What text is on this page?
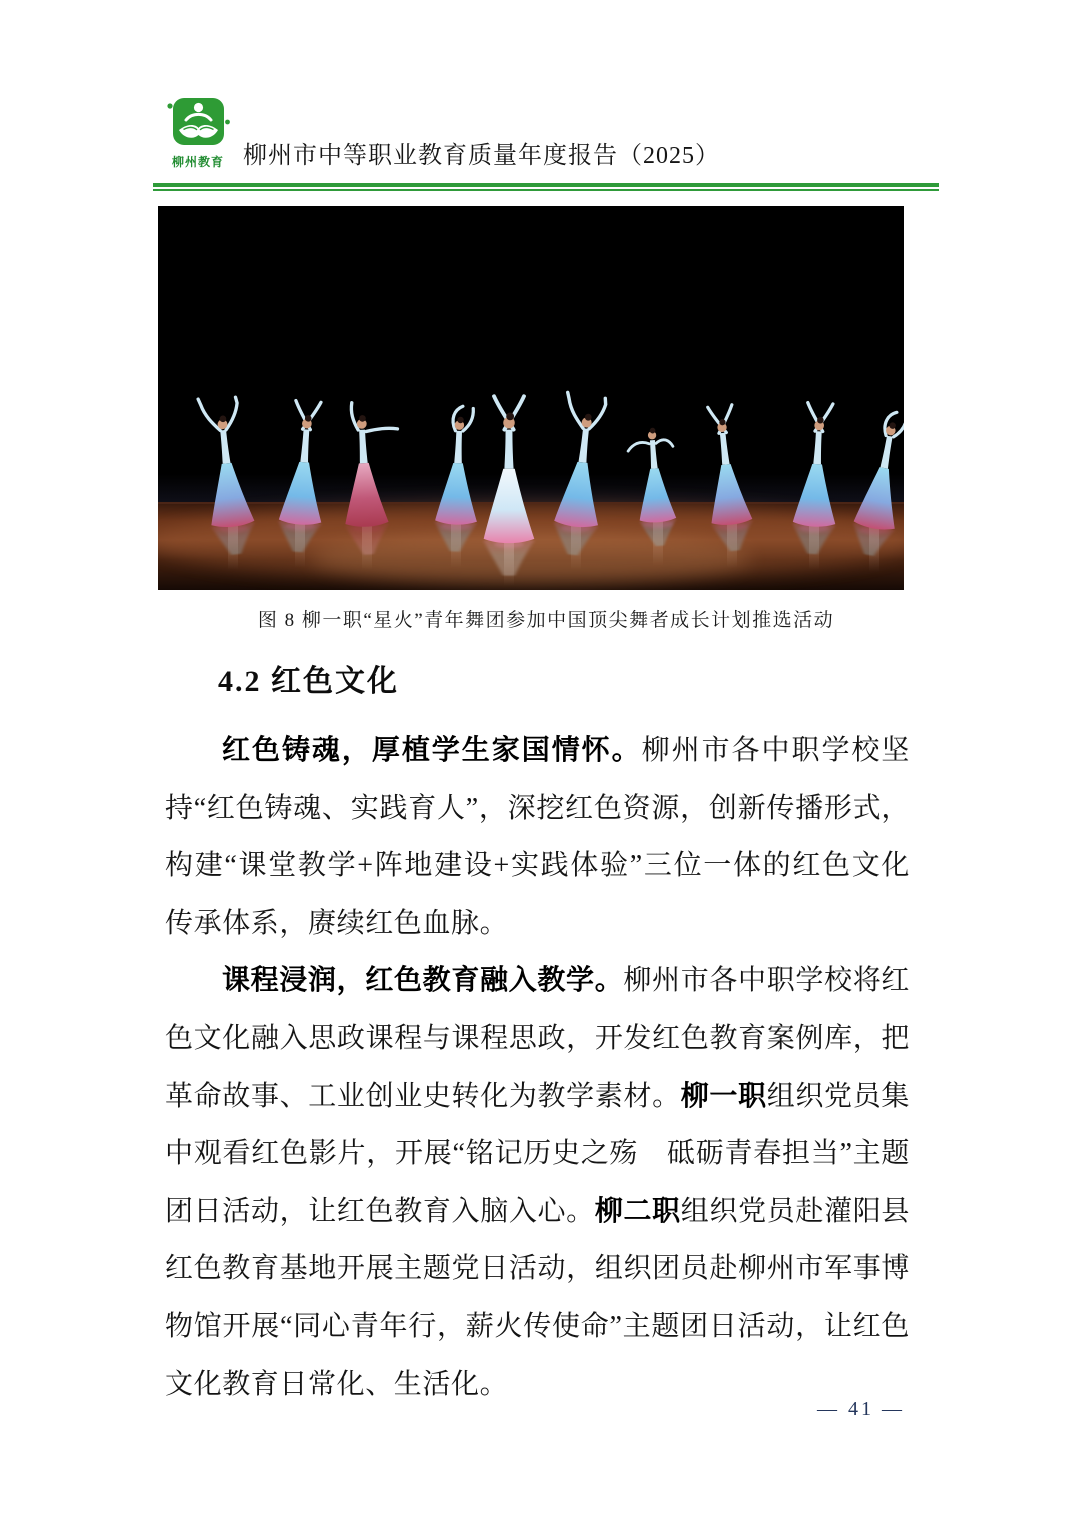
柳州教育 柳州市中等职业教育质量年度报告（2025）
图 8 柳一职“星火”青年舞团参加中国顶尖舞者成长计划推选活动
4.2 红色文化

红色铸魂，厚植学生家国情怀。柳州市各中职学校坚持“红色铸魂、实践育人”，深挖红色资源，创新传播形式，构建“课堂教学+阵地建设+实践体验”三位一体的红色文化传承体系，赓续红色血脉。

课程浸润，红色教育融入教学。柳州市各中职学校将红色文化融入思政课程与课程思政，开发红色教育案例库，把革命故事、工业创业史转化为教学素材。柳一职组织党员集中观看红色影片，开展“铭记历史之殇　砥砺青春担当”主题团日活动，让红色教育入脑入心。柳二职组织党员赴灌阳县红色教育基地开展主题党日活动，组织团员赴柳州市军事博物馆开展“同心青年行，薪火传使命”主题团日活动，让红色文化教育日常化、生活化。

— 41 —
